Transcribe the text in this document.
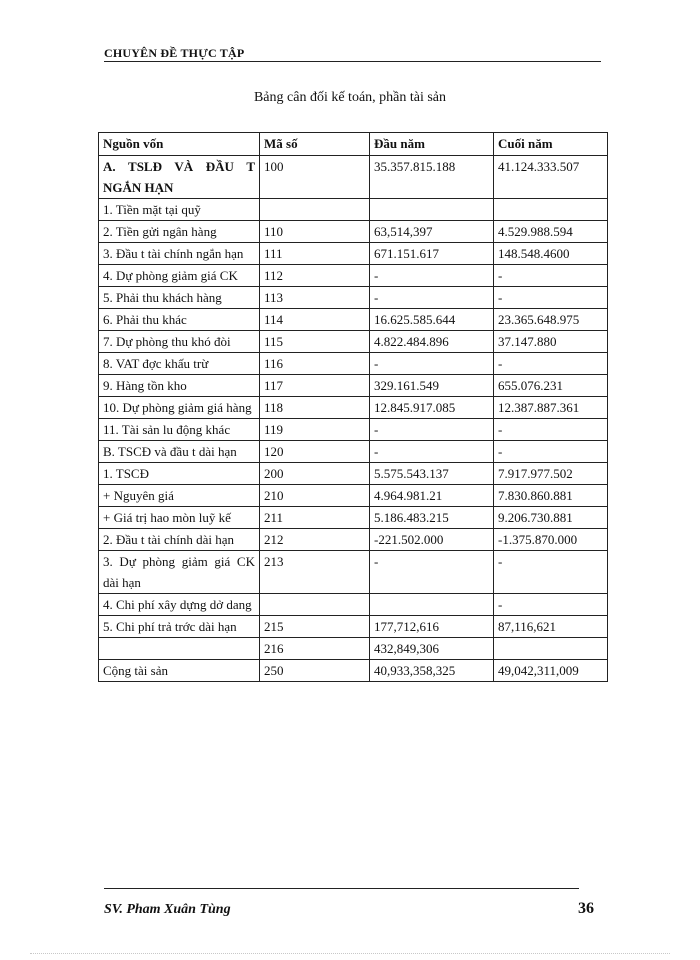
CHUYÊN ĐỀ THỰC TẬP
Bảng cân đối kế toán, phần tài sản
Nguồn vốn	Mã số	Đầu năm	Cuối năm
A. TSLĐ VÀ ĐẦU T NGẮN HẠN	100	35.357.815.188	41.124.333.507
1. Tiền mặt tại quỹ			
2. Tiền gửi ngân hàng	110	63,514,397	4.529.988.594
3. Đầu t tài chính ngắn hạn	111	671.151.617	148.548.4600
4. Dự phòng giảm giá CK	112	-	-
5. Phải thu khách hàng	113	-	-
6. Phải thu khác	114	16.625.585.644	23.365.648.975
7. Dự phòng thu khó đòi	115	4.822.484.896	37.147.880
8. VAT đợc khấu trừ	116	-	-
9. Hàng tồn kho	117	329.161.549	655.076.231
10. Dự phòng giảm giá hàng	118	12.845.917.085	12.387.887.361
11. Tài sản lu động khác	119	-	-
B. TSCĐ và đầu t dài hạn	120	-	-
1. TSCĐ	200	5.575.543.137	7.917.977.502
+ Nguyên giá	210	4.964.981.21	7.830.860.881
+ Giá trị hao mòn luỹ kế	211	5.186.483.215	9.206.730.881
2. Đầu t tài chính dài hạn	212	-221.502.000	-1.375.870.000
3. Dự phòng giảm giá CK dài hạn	213	-	-
4. Chi phí xây dựng dở dang			-
5. Chi phí trả trớc dài hạn	215	177,712,616	87,116,621
	216	432,849,306	
Cộng tài sản	250	40,933,358,325	49,042,311,009
SV. Pham Xuân Tùng	36
